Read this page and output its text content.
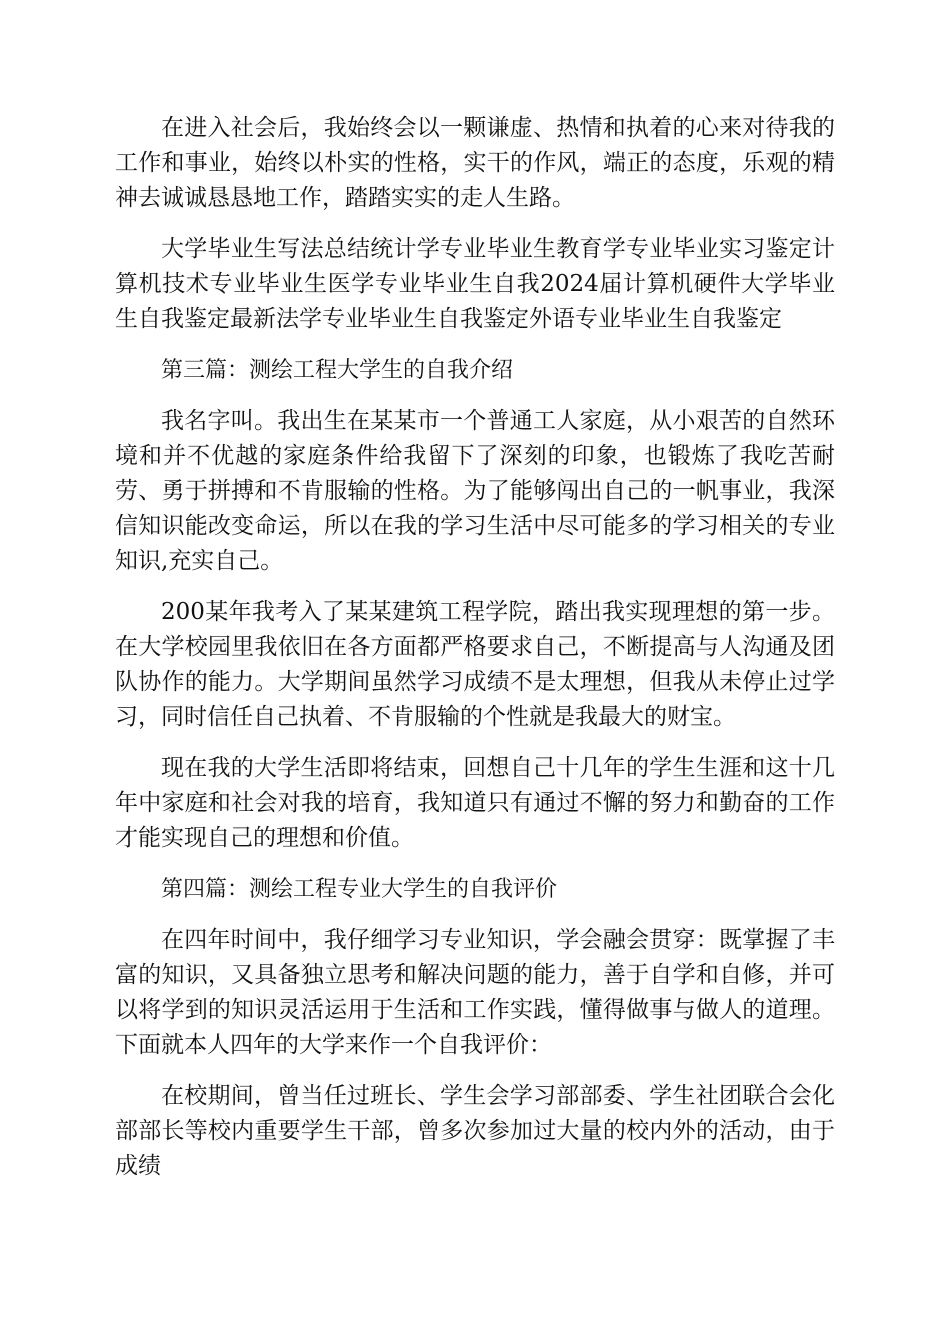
在进入社会后，我始终会以一颗谦虚、热情和执着的心来对待我的工作和事业，始终以朴实的性格，实干的作风，端正的态度，乐观的精神去诚诚恳恳地工作，踏踏实实的走人生路。

大学毕业生写法总结统计学专业毕业生教育学专业毕业实习鉴定计算机技术专业毕业生医学专业毕业生自我2024届计算机硬件大学毕业生自我鉴定最新法学专业毕业生自我鉴定外语专业毕业生自我鉴定

第三篇：测绘工程大学生的自我介绍

我名字叫。我出生在某某市一个普通工人家庭，从小艰苦的自然环境和并不优越的家庭条件给我留下了深刻的印象，也锻炼了我吃苦耐劳、勇于拼搏和不肯服输的性格。为了能够闯出自己的一帆事业，我深信知识能改变命运，所以在我的学习生活中尽可能多的学习相关的专业知识,充实自己。

200某年我考入了某某建筑工程学院，踏出我实现理想的第一步。在大学校园里我依旧在各方面都严格要求自己，不断提高与人沟通及团队协作的能力。大学期间虽然学习成绩不是太理想，但我从未停止过学习，同时信任自己执着、不肯服输的个性就是我最大的财宝。

现在我的大学生活即将结束，回想自己十几年的学生生涯和这十几年中家庭和社会对我的培育，我知道只有通过不懈的努力和勤奋的工作才能实现自己的理想和价值。

第四篇：测绘工程专业大学生的自我评价

在四年时间中，我仔细学习专业知识，学会融会贯穿：既掌握了丰富的知识，又具备独立思考和解决问题的能力，善于自学和自修，并可以将学到的知识灵活运用于生活和工作实践，懂得做事与做人的道理。下面就本人四年的大学来作一个自我评价：

在校期间，曾当任过班长、学生会学习部部委、学生社团联合会化部部长等校内重要学生干部，曾多次参加过大量的校内外的活动，由于成绩
